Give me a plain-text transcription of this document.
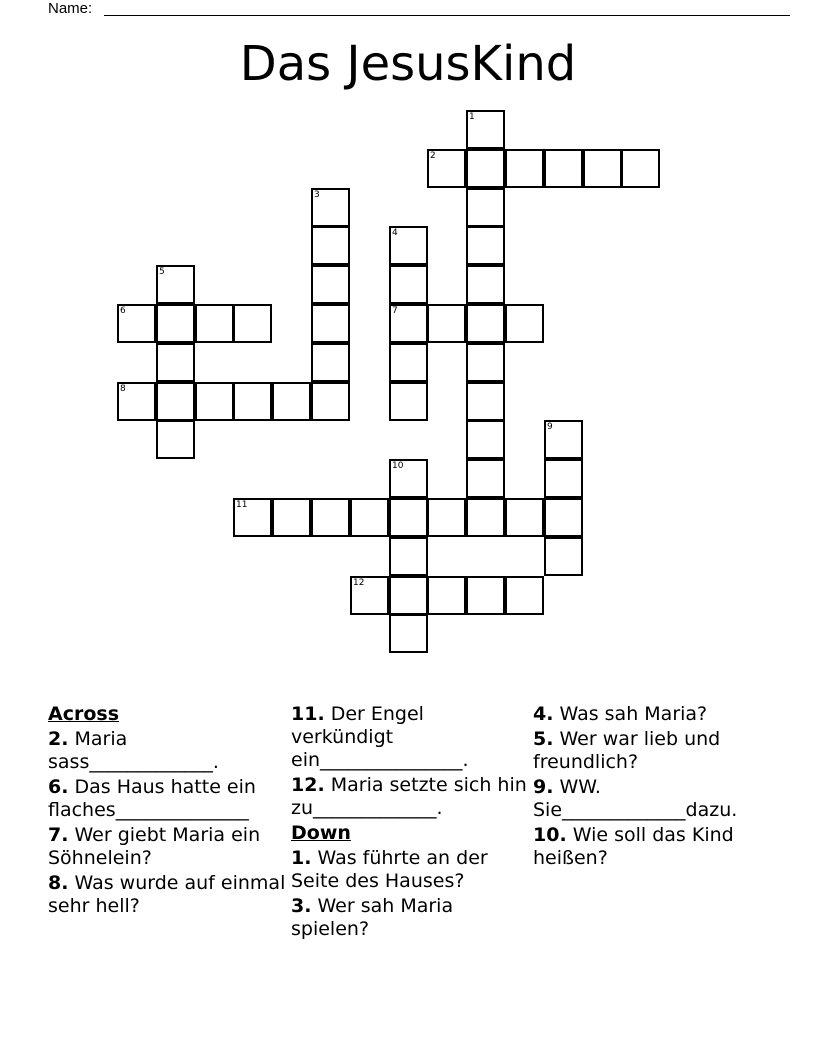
Name:
Das JesusKind
1
2
3
4
5
6	7
8
9
10
11
12
Across
2. Maria sass_____________.
6. Das Haus hatte ein flaches______________
7. Wer giebt Maria ein Söhnelein?
8. Was wurde auf einmal sehr hell?
11. Der Engel verkündigt ein_______________.
12. Maria setzte sich hin zu_____________.
Down
1. Was führte an der Seite des Hauses?
3. Wer sah Maria spielen?
4. Was sah Maria?
5. Wer war lieb und freundlich?
9. WW. Sie_____________dazu.
10. Wie soll das Kind heißen?
